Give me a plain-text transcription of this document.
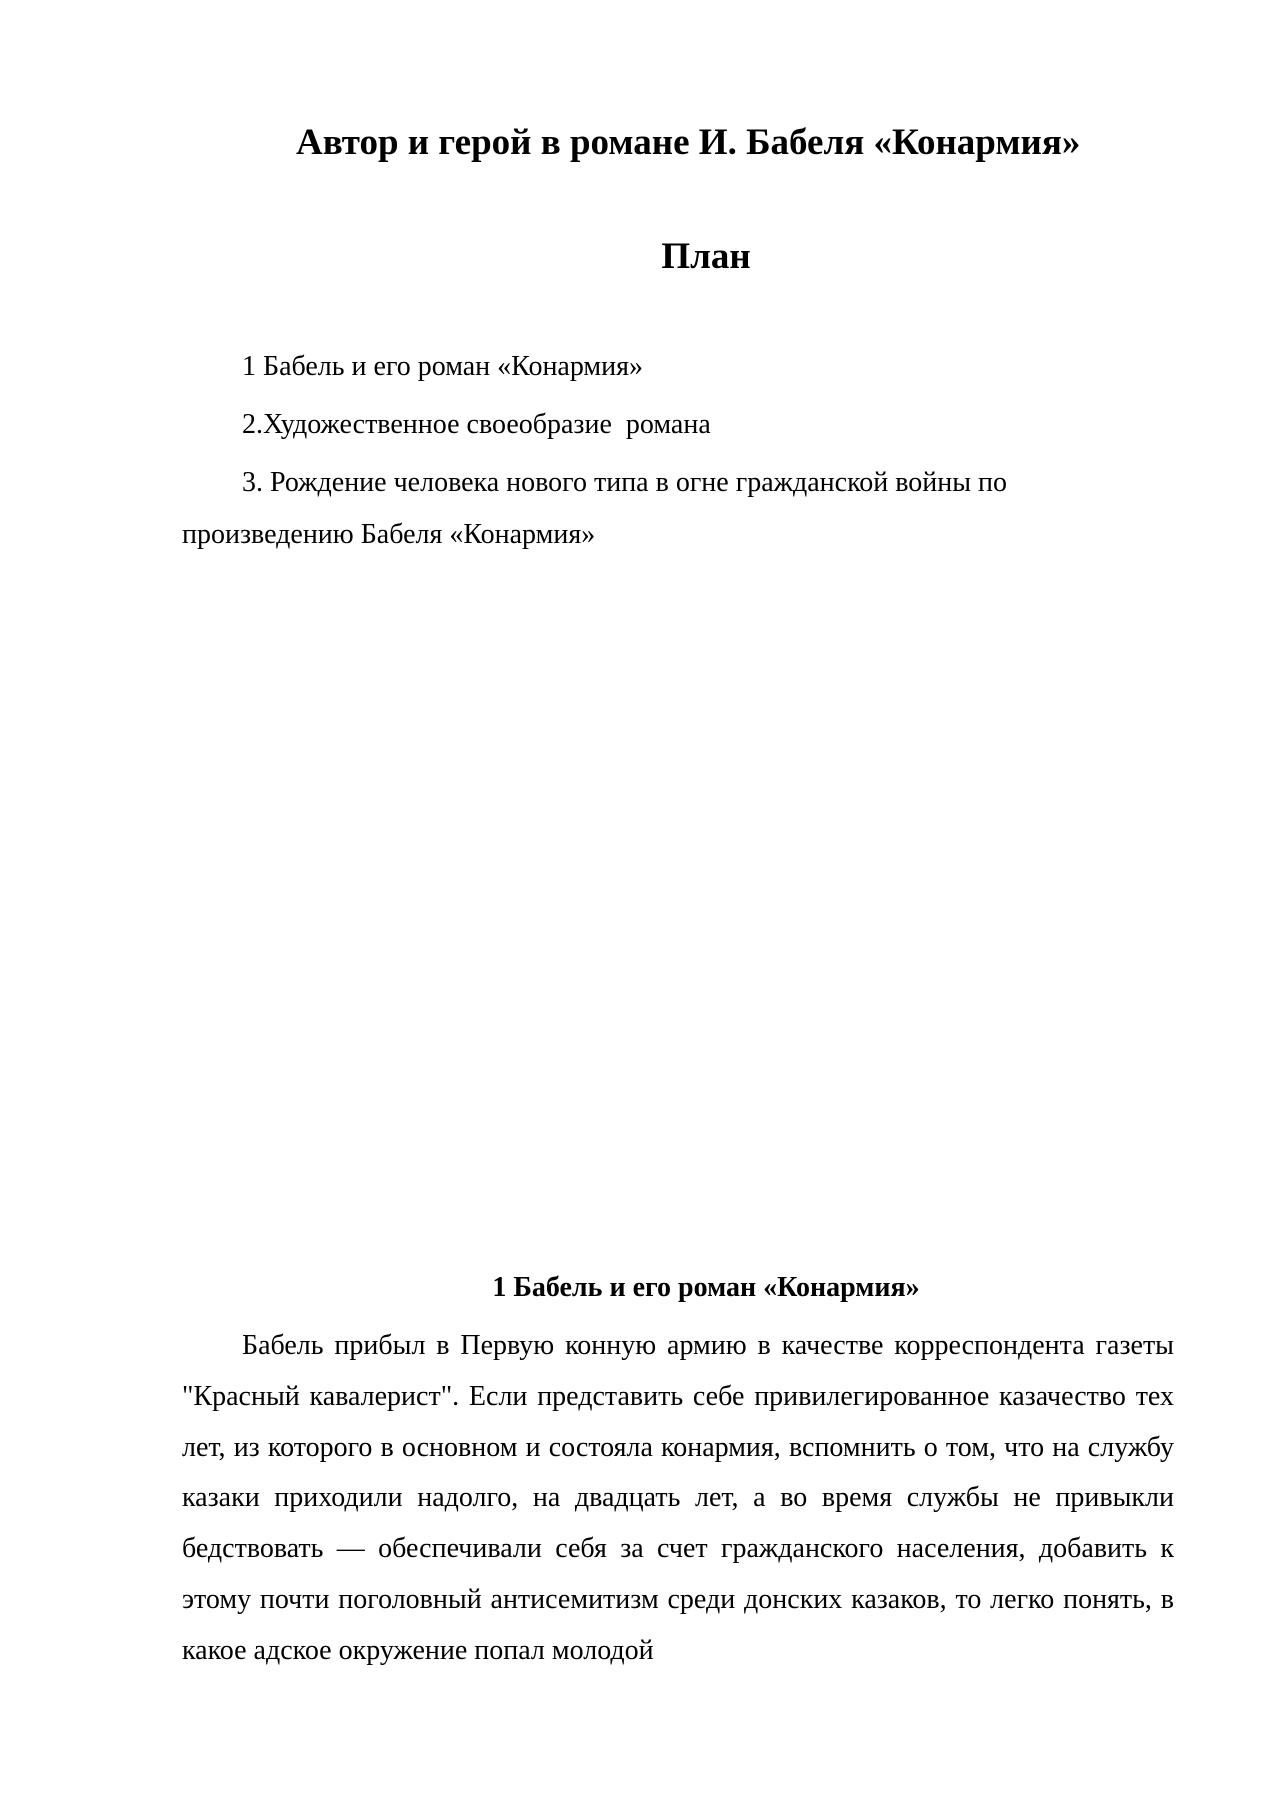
Автор и герой в романе И. Бабеля «Конармия»
План

1 Бабель и его роман «Конармия»

2.Художественное своеобразие  романа

3. Рождение человека нового типа в огне гражданской войны по произведению Бабеля «Конармия»

1 Бабель и его роман «Конармия»

Бабель прибыл в Первую конную армию в качестве корреспондента газеты "Красный кавалерист". Если представить себе привилегированное казачество тех лет, из которого в основном и состояла конармия, вспомнить о том, что на службу казаки приходили надолго, на двадцать лет, а во время службы не привыкли бедствовать — обеспечивали себя за счет гражданского населения, добавить к этому почти поголовный антисемитизм среди донских казаков, то легко понять, в какое адское окружение попал молодой
